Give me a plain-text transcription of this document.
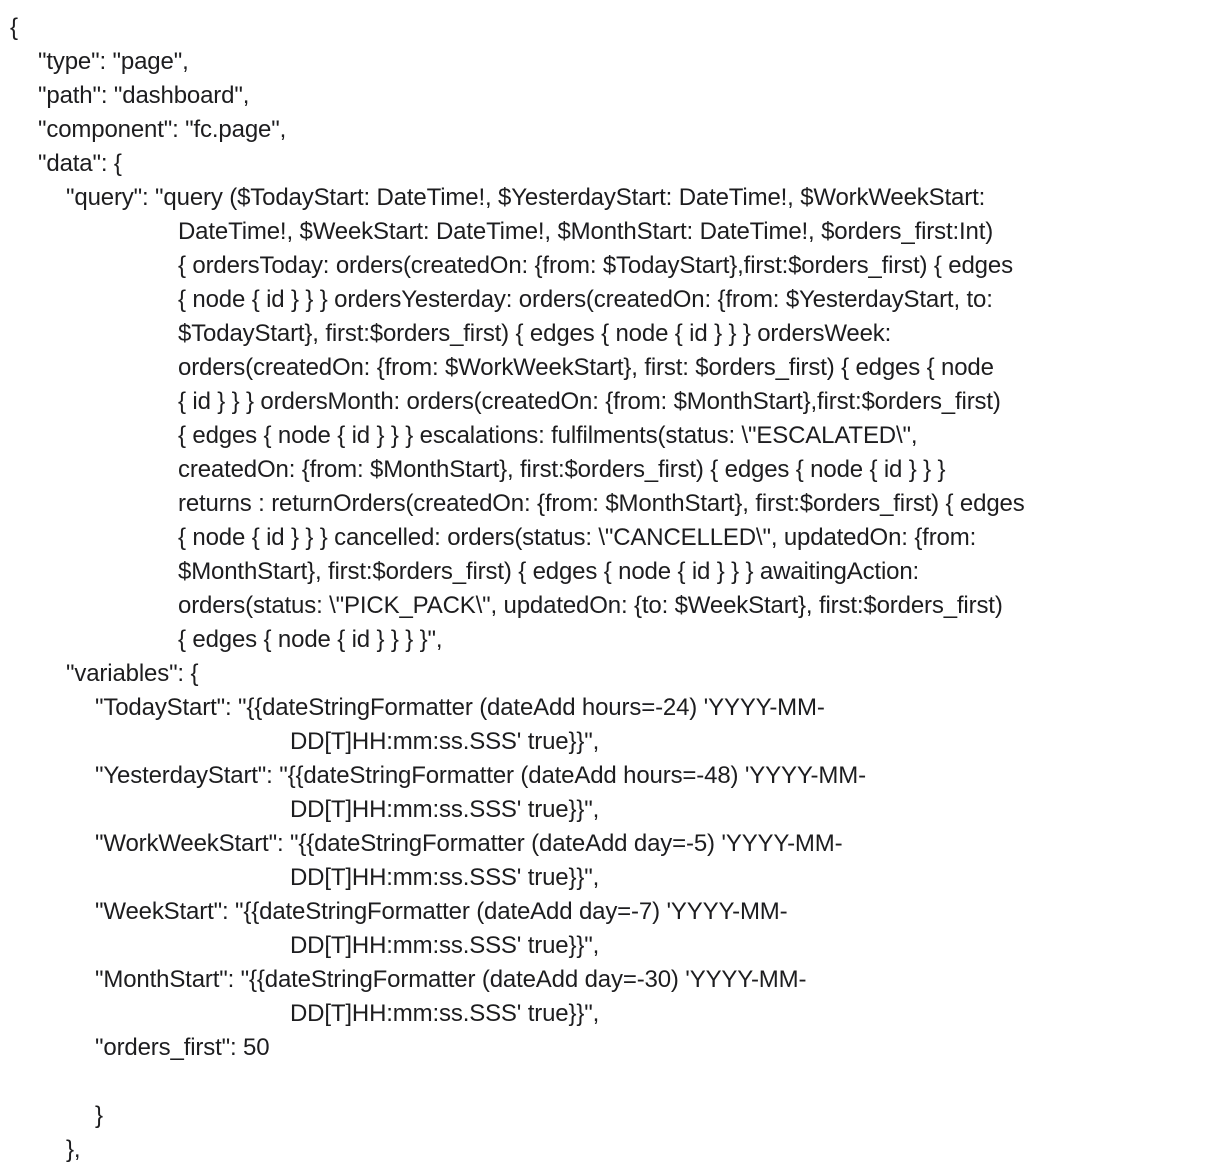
{
"type": "page",
"path": "dashboard",
"component": "fc.page",
"data": {
"query": "query ($TodayStart: DateTime!, $YesterdayStart: DateTime!, $WorkWeekStart:
DateTime!, $WeekStart: DateTime!, $MonthStart: DateTime!, $orders_first:Int)
{ ordersToday: orders(createdOn: {from: $TodayStart},first:$orders_first) { edges
{ node { id } } } ordersYesterday: orders(createdOn: {from: $YesterdayStart, to:
$TodayStart}, first:$orders_first) { edges { node { id } } } ordersWeek:
orders(createdOn: {from: $WorkWeekStart}, first: $orders_first) { edges { node
{ id } } } ordersMonth: orders(createdOn: {from: $MonthStart},first:$orders_first)
{ edges { node { id } } } escalations: fulfilments(status: \"ESCALATED\",
createdOn: {from: $MonthStart}, first:$orders_first) { edges { node { id } } }
returns : returnOrders(createdOn: {from: $MonthStart}, first:$orders_first) { edges
{ node { id } } } cancelled: orders(status: \"CANCELLED\", updatedOn: {from:
$MonthStart}, first:$orders_first) { edges { node { id } } } awaitingAction:
orders(status: \"PICK_PACK\", updatedOn: {to: $WeekStart}, first:$orders_first)
{ edges { node { id } } } }",
"variables": {
"TodayStart": "{{dateStringFormatter (dateAdd hours=-24) 'YYYY-MM-
DD[T]HH:mm:ss.SSS' true}}",
"YesterdayStart": "{{dateStringFormatter (dateAdd hours=-48) 'YYYY-MM-
DD[T]HH:mm:ss.SSS' true}}",
"WorkWeekStart": "{{dateStringFormatter (dateAdd day=-5) 'YYYY-MM-
DD[T]HH:mm:ss.SSS' true}}",
"WeekStart": "{{dateStringFormatter (dateAdd day=-7) 'YYYY-MM-
DD[T]HH:mm:ss.SSS' true}}",
"MonthStart": "{{dateStringFormatter (dateAdd day=-30) 'YYYY-MM-
DD[T]HH:mm:ss.SSS' true}}",
"orders_first": 50
}
},
